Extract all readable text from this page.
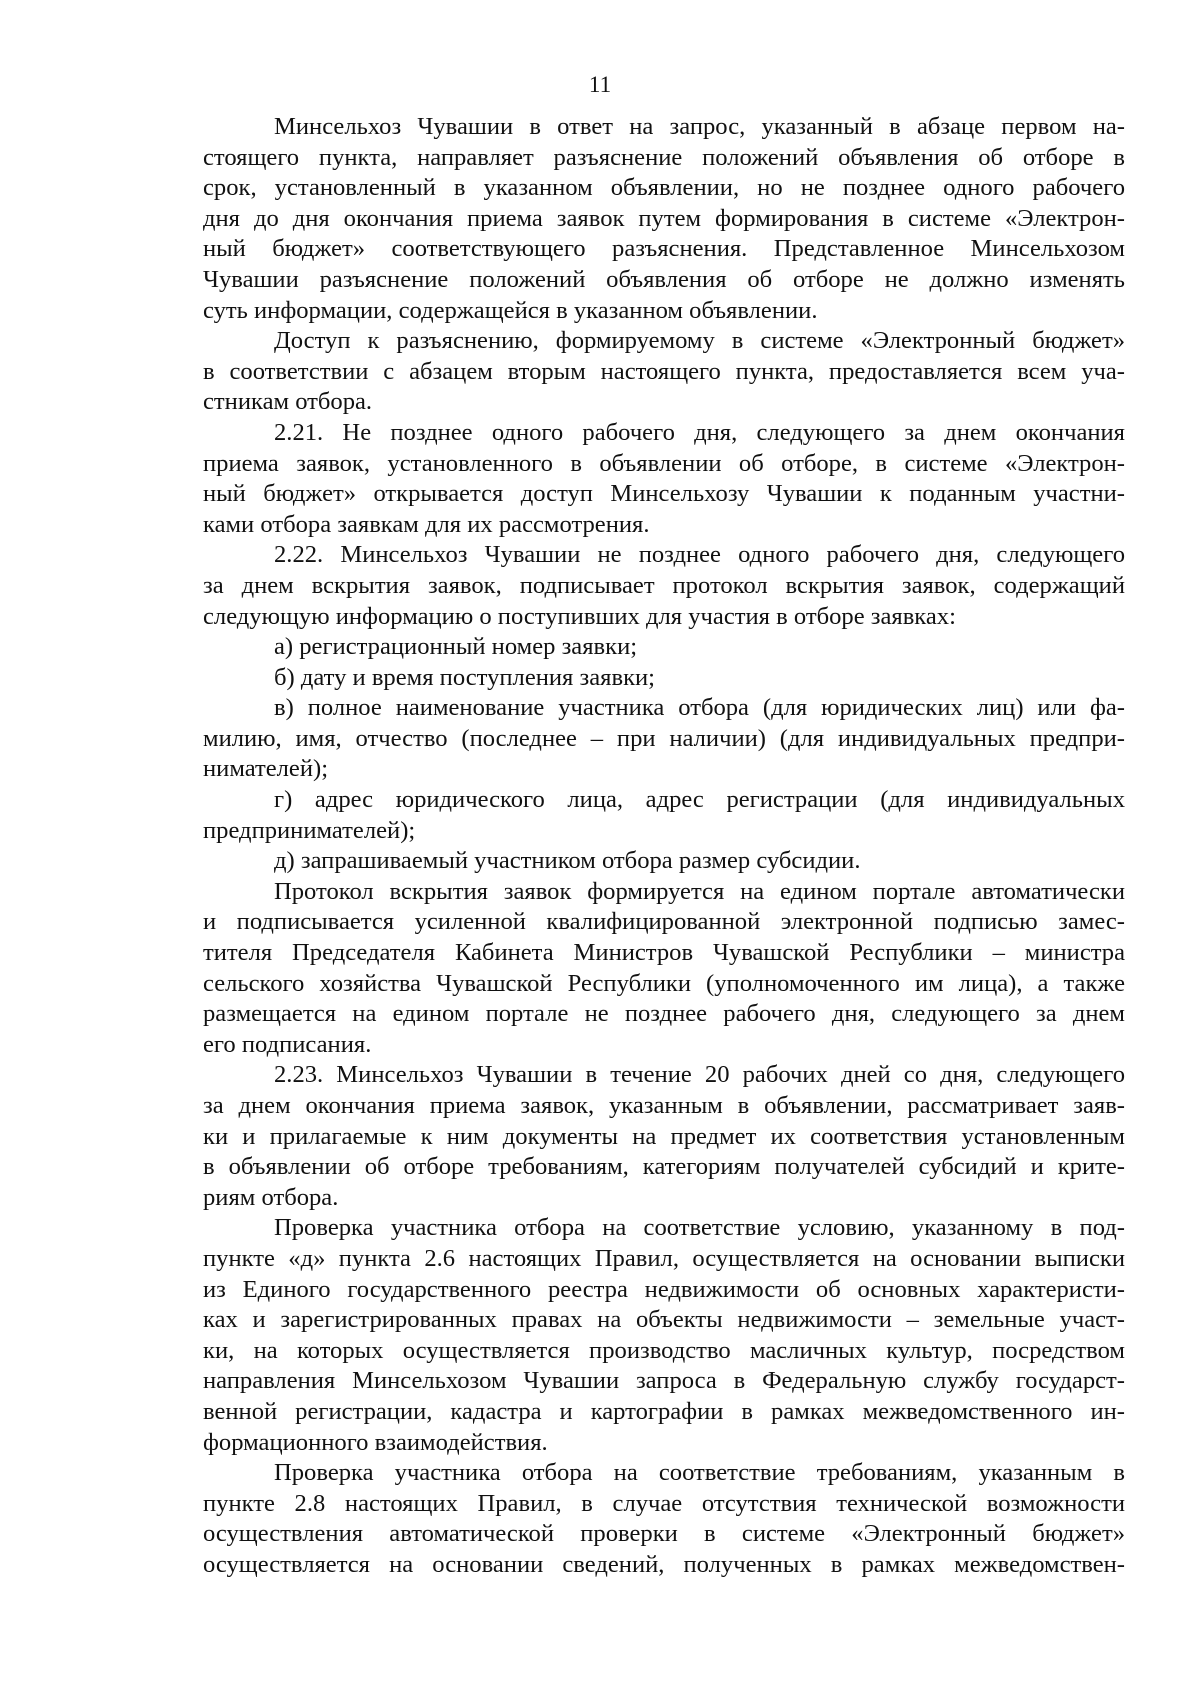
11
Минсельхоз Чувашии в ответ на запрос, указанный в абзаце первом на-
стоящего пункта, направляет разъяснение положений объявления об отборе в
срок, установленный в указанном объявлении, но не позднее одного рабочего
дня до дня окончания приема заявок путем формирования в системе «Электрон-
ный бюджет» соответствующего разъяснения. Представленное Минсельхозом
Чувашии разъяснение положений объявления об отборе не должно изменять
суть информации, содержащейся в указанном объявлении.
Доступ к разъяснению, формируемому в системе «Электронный бюджет»
в соответствии с абзацем вторым настоящего пункта, предоставляется всем уча-
стникам отбора.
2.21. Не позднее одного рабочего дня, следующего за днем окончания
приема заявок, установленного в объявлении об отборе, в системе «Электрон-
ный бюджет» открывается доступ Минсельхозу Чувашии к поданным участни-
ками отбора заявкам для их рассмотрения.
2.22. Минсельхоз Чувашии не позднее одного рабочего дня, следующего
за днем вскрытия заявок, подписывает протокол вскрытия заявок, содержащий
следующую информацию о поступивших для участия в отборе заявках:
а) регистрационный номер заявки;
б) дату и время поступления заявки;
в) полное наименование участника отбора (для юридических лиц) или фа-
милию, имя, отчество (последнее – при наличии) (для индивидуальных предпри-
нимателей);
г) адрес юридического лица, адрес регистрации (для индивидуальных
предпринимателей);
д) запрашиваемый участником отбора размер субсидии.
Протокол вскрытия заявок формируется на едином портале автоматически
и подписывается усиленной квалифицированной электронной подписью замес-
тителя Председателя Кабинета Министров Чувашской Республики – министра
сельского хозяйства Чувашской Республики (уполномоченного им лица), а также
размещается на едином портале не позднее рабочего дня, следующего за днем
его подписания.
2.23. Минсельхоз Чувашии в течение 20 рабочих дней со дня, следующего
за днем окончания приема заявок, указанным в объявлении, рассматривает заяв-
ки и прилагаемые к ним документы на предмет их соответствия установленным
в объявлении об отборе требованиям, категориям получателей субсидий и крите-
риям отбора.
Проверка участника отбора на соответствие условию, указанному в под-
пункте «д» пункта 2.6 настоящих Правил, осуществляется на основании выписки
из Единого государственного реестра недвижимости об основных характеристи-
ках и зарегистрированных правах на объекты недвижимости – земельные участ-
ки, на которых осуществляется производство масличных культур, посредством
направления Минсельхозом Чувашии запроса в Федеральную службу государст-
венной регистрации, кадастра и картографии в рамках межведомственного ин-
формационного взаимодействия.
Проверка участника отбора на соответствие требованиям, указанным в
пункте 2.8 настоящих Правил, в случае отсутствия технической возможности
осуществления автоматической проверки в системе «Электронный бюджет»
осуществляется на основании сведений, полученных в рамках межведомствен-
